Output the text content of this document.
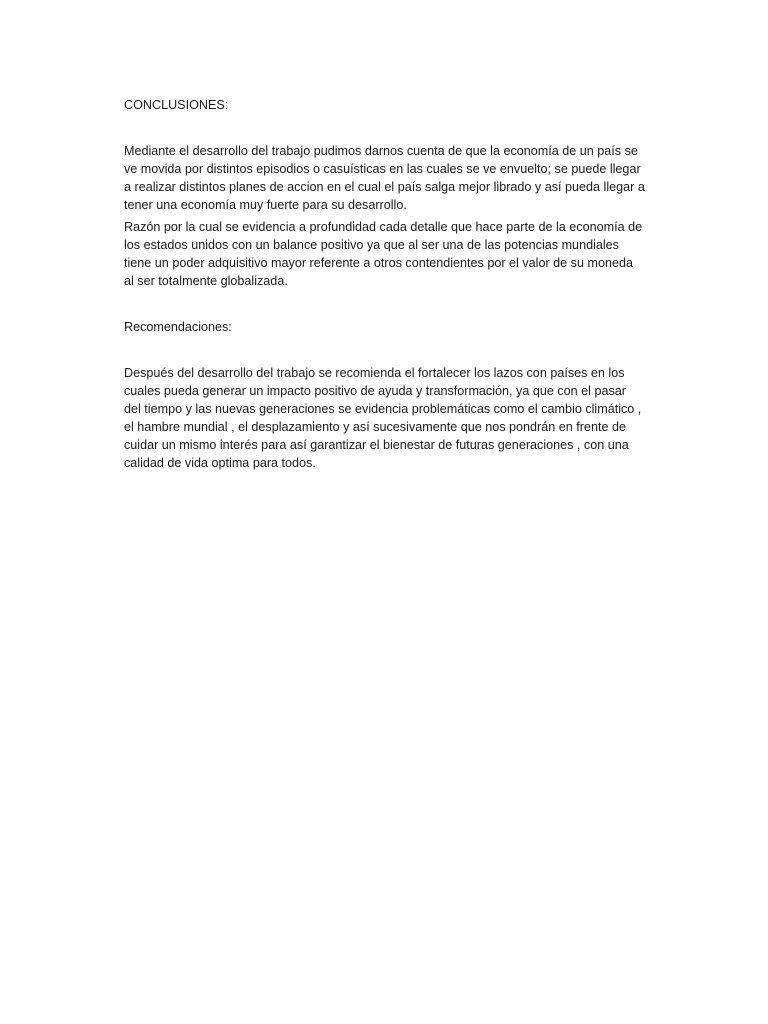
CONCLUSIONES:

Mediante el desarrollo del trabajo pudimos darnos cuenta de que la economía de un país se ve movida por distintos episodios o casuísticas en las cuales se ve envuelto; se puede llegar a realizar distintos planes de accion en el cual el país salga mejor librado y así pueda llegar a tener una economía muy fuerte para su desarrollo.

Razón por la cual se evidencia a profundidad cada detalle que hace parte de la economía de los estados unidos con un balance positivo ya que al ser una de las potencias mundiales tiene un poder adquisitivo mayor referente a otros contendientes por el valor de su moneda al ser totalmente globalizada.

Recomendaciones:

Después del desarrollo del trabajo se recomienda el fortalecer los lazos con países en los cuales pueda generar un impacto positivo de ayuda y transformación, ya que con el pasar del tiempo y las nuevas generaciones se evidencia problemáticas como el cambio climático , el hambre mundial , el desplazamiento y así sucesivamente que nos pondrán en frente de cuidar un mismo interés para así garantizar el bienestar de futuras generaciones , con una calidad de vida optima para todos.
